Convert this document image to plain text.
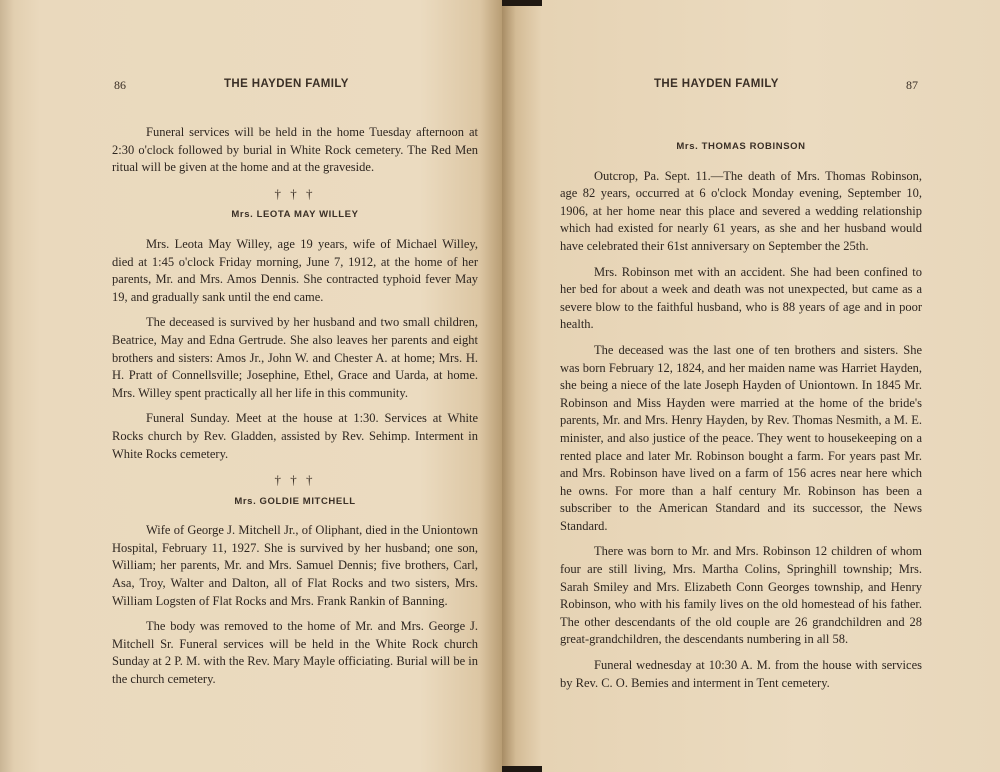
86	THE HAYDEN FAMILY

Funeral services will be held in the home Tuesday afternoon at 2:30 o'clock followed by burial in White Rock cemetery. The Red Men ritual will be given at the home and at the graveside.

† † †
Mrs. LEOTA MAY WILLEY

Mrs. Leota May Willey, age 19 years, wife of Michael Willey, died at 1:45 o'clock Friday morning, June 7, 1912, at the home of her parents, Mr. and Mrs. Amos Dennis. She contracted typhoid fever May 19, and gradually sank until the end came.

The deceased is survived by her husband and two small children, Beatrice, May and Edna Gertrude. She also leaves her parents and eight brothers and sisters: Amos Jr., John W. and Chester A. at home; Mrs. H. H. Pratt of Connellsville; Josephine, Ethel, Grace and Uarda, at home. Mrs. Willey spent practically all her life in this community.

Funeral Sunday. Meet at the house at 1:30. Services at White Rocks church by Rev. Gladden, assisted by Rev. Sehimp. Interment in White Rocks cemetery.

† † †
Mrs. GOLDIE MITCHELL

Wife of George J. Mitchell Jr., of Oliphant, died in the Uniontown Hospital, February 11, 1927. She is survived by her husband; one son, William; her parents, Mr. and Mrs. Samuel Dennis; five brothers, Carl, Asa, Troy, Walter and Dalton, all of Flat Rocks and two sisters, Mrs. William Logsten of Flat Rocks and Mrs. Frank Rankin of Banning.

The body was removed to the home of Mr. and Mrs. George J. Mitchell Sr. Funeral services will be held in the White Rock church Sunday at 2 P. M. with the Rev. Mary Mayle officiating. Burial will be in the church cemetery.

THE HAYDEN FAMILY	87
Mrs. THOMAS ROBINSON

Outcrop, Pa. Sept. 11.—The death of Mrs. Thomas Robinson, age 82 years, occurred at 6 o'clock Monday evening, September 10, 1906, at her home near this place and severed a wedding relationship which had existed for nearly 61 years, as she and her husband would have celebrated their 61st anniversary on September the 25th.

Mrs. Robinson met with an accident. She had been confined to her bed for about a week and death was not unexpected, but came as a severe blow to the faithful husband, who is 88 years of age and in poor health.

The deceased was the last one of ten brothers and sisters. She was born February 12, 1824, and her maiden name was Harriet Hayden, she being a niece of the late Joseph Hayden of Uniontown. In 1845 Mr. Robinson and Miss Hayden were married at the home of the bride's parents, Mr. and Mrs. Henry Hayden, by Rev. Thomas Nesmith, a M. E. minister, and also justice of the peace. They went to housekeeping on a rented place and later Mr. Robinson bought a farm. For years past Mr. and Mrs. Robinson have lived on a farm of 156 acres near here which he owns. For more than a half century Mr. Robinson has been a subscriber to the American Standard and its successor, the News Standard.

There was born to Mr. and Mrs. Robinson 12 children of whom four are still living, Mrs. Martha Colins, Springhill township; Mrs. Sarah Smiley and Mrs. Elizabeth Conn Georges township, and Henry Robinson, who with his family lives on the old homestead of his father. The other descendants of the old couple are 26 grandchildren and 28 great-grandchildren, the descendants numbering in all 58.

Funeral wednesday at 10:30 A. M. from the house with services by Rev. C. O. Bemies and interment in Tent cemetery.
